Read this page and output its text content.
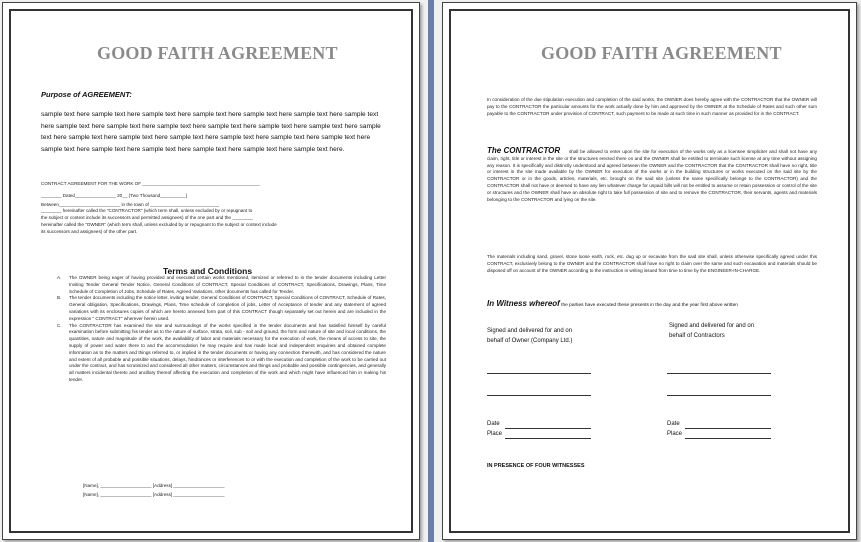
GOOD FAITH AGREEMENT
Purpose of AGREEMENT:
sample text here sample text here sample text here sample text here sample text here sample text here sample text here sample text here sample text here sample text here sample text here sample text here sample text here sample text here sample text here sample text here sample text here sample text here sample text here sample text here sample text here sample text here sample text here sample text here sample text here sample text here.
CONTRACT AGREEMENT FOR THE WORK OF ______________________________________________
________ Dated________________ 20__ (Two Thousand__________)
Between________________________ in the town of ___________________________
________ hereinafter called the "CONTRACTOR" (which term shall, unless excluded by or repugnant to
the subject or context include its successors and permitted assignees) of the one part and the ________
hereinafter called the "OWNER" (which term shall, unless excluded by or repugnant to the subject or context include
its successors and assignees) of the other part.
Terms and Conditions
A. The OWNER being eager of having provided and executed certain works mentioned, itemized or referred to in the tender documents including Letter Inviting Tender General Tender Notice, General Conditions of CONTRACT, Special Conditions of CONTRACT, Specifications, Drawings, Plans, Time Schedule of Completion of Jobs, Schedule of Rates, Agreed Variations, other documents has called for Tender.
B. The tender documents including the notice letter, inviting tender, General Conditions of CONTRACT, Special Conditions of CONTRACT, Schedule of Rates, General obligation, Specifications, Drawings, Plans, Time schedule of completion of jobs, Letter of Acceptance of tender and any statement of agreed variations with its enclosures copies of which are hereto annexed form part of this CONTRACT though separately set out herein and are included in the expression " CONTRACT" wherever herein used.
C. The CONTRACTOR has examined the site and surroundings of the works specified in the tender documents and has satisfied himself by careful examination before submitting his tender as to the nature of surface, strata, soil, sub - soil and ground, the form and nature of site and local conditions, the quantities, nature and magnitude of the work, the availability of labor and materials necessary for the execution of work, the means of access to site, the supply of power and water there to and the accommodation he may require and has made local and independent enquiries and obtained complete information as to the matters and things referred to, or implied in the tender documents or having any connection therewith, and has considered the nature and extent of all probable and possible situations, delays, hindrances or interferences to or with the execution and completion of the work to be carried out under the contract, and has scrutinized and considered all other matters, circumstances and things and probable and possible contingencies, and generally all matters incidental thereto and ancillary thereof affecting the execution and completion of the work and which might have influenced him in making his tender.
[Name], ____________________ [Address] ____________________
[Name], ____________________ [Address] ____________________
GOOD FAITH AGREEMENT
In consideration of the due stipulation execution and completion of the said works, the OWNER does hereby agree with the CONTRACTOR that the OWNER will pay to the CONTRACTOR the particular amounts for the work actually done by him and approved by the OWNER at the Schedule of Rates and such other sum payable to the CONTRACTOR under provision of CONTRACT, such payment to be made at such time in such manner as provided for in the CONTRACT.
shall be allowed to enter upon the site for execution of the works only as a licensee simpliciter and shall not have any claim, right, title or interest in the site or the structures erected there on and the OWNER shall be entitled to terminate such license at any time without assigning any reason. It is specifically and distinctly understood and agreed between the OWNER and the CONTRACTOR that the CONTRACTOR shall have no right, title or interest in the site made available by the OWNER for execution of the works or in the building structures or works executed on the said site by the CONTRACTOR or in the goods, articles, materials, etc. brought on the said site (unless the same specifically belongs to the CONTRACTOR) and the CONTRACTOR shall not have or deemed to have any lien whatever charge for unpaid bills will not be entitled to assume or retain possession or control of the site or structures and the OWNER shall have an absolute right to take full possession of site and to remove the CONTRACTOR, their servants, agents and materials belonging to the CONTRACTOR and lying on the site.
The CONTRACTOR
The materials including sand, gravel, stone loose earth, rock, etc. dug up or excavate from the said site shall, unless otherwise specifically agreed under this CONTRACT, exclusively belong to the OWNER and the CONTRACTOR shall have no right to claim over the same and such excavation and materials should be disposed off on account of the OWNER according to the instruction in writing issued from time to time by the ENGINEER-IN-CHARGE.
In Witness whereof the parties have executed these presents in the day and the year first above written
Signed and delivered for and on
behalf of Owner (Company Ltd.)
Signed and delivered for and on
behalf of Contractors
Date
Place
Date
Place
IN PRESENCE OF FOUR WITNESSES
